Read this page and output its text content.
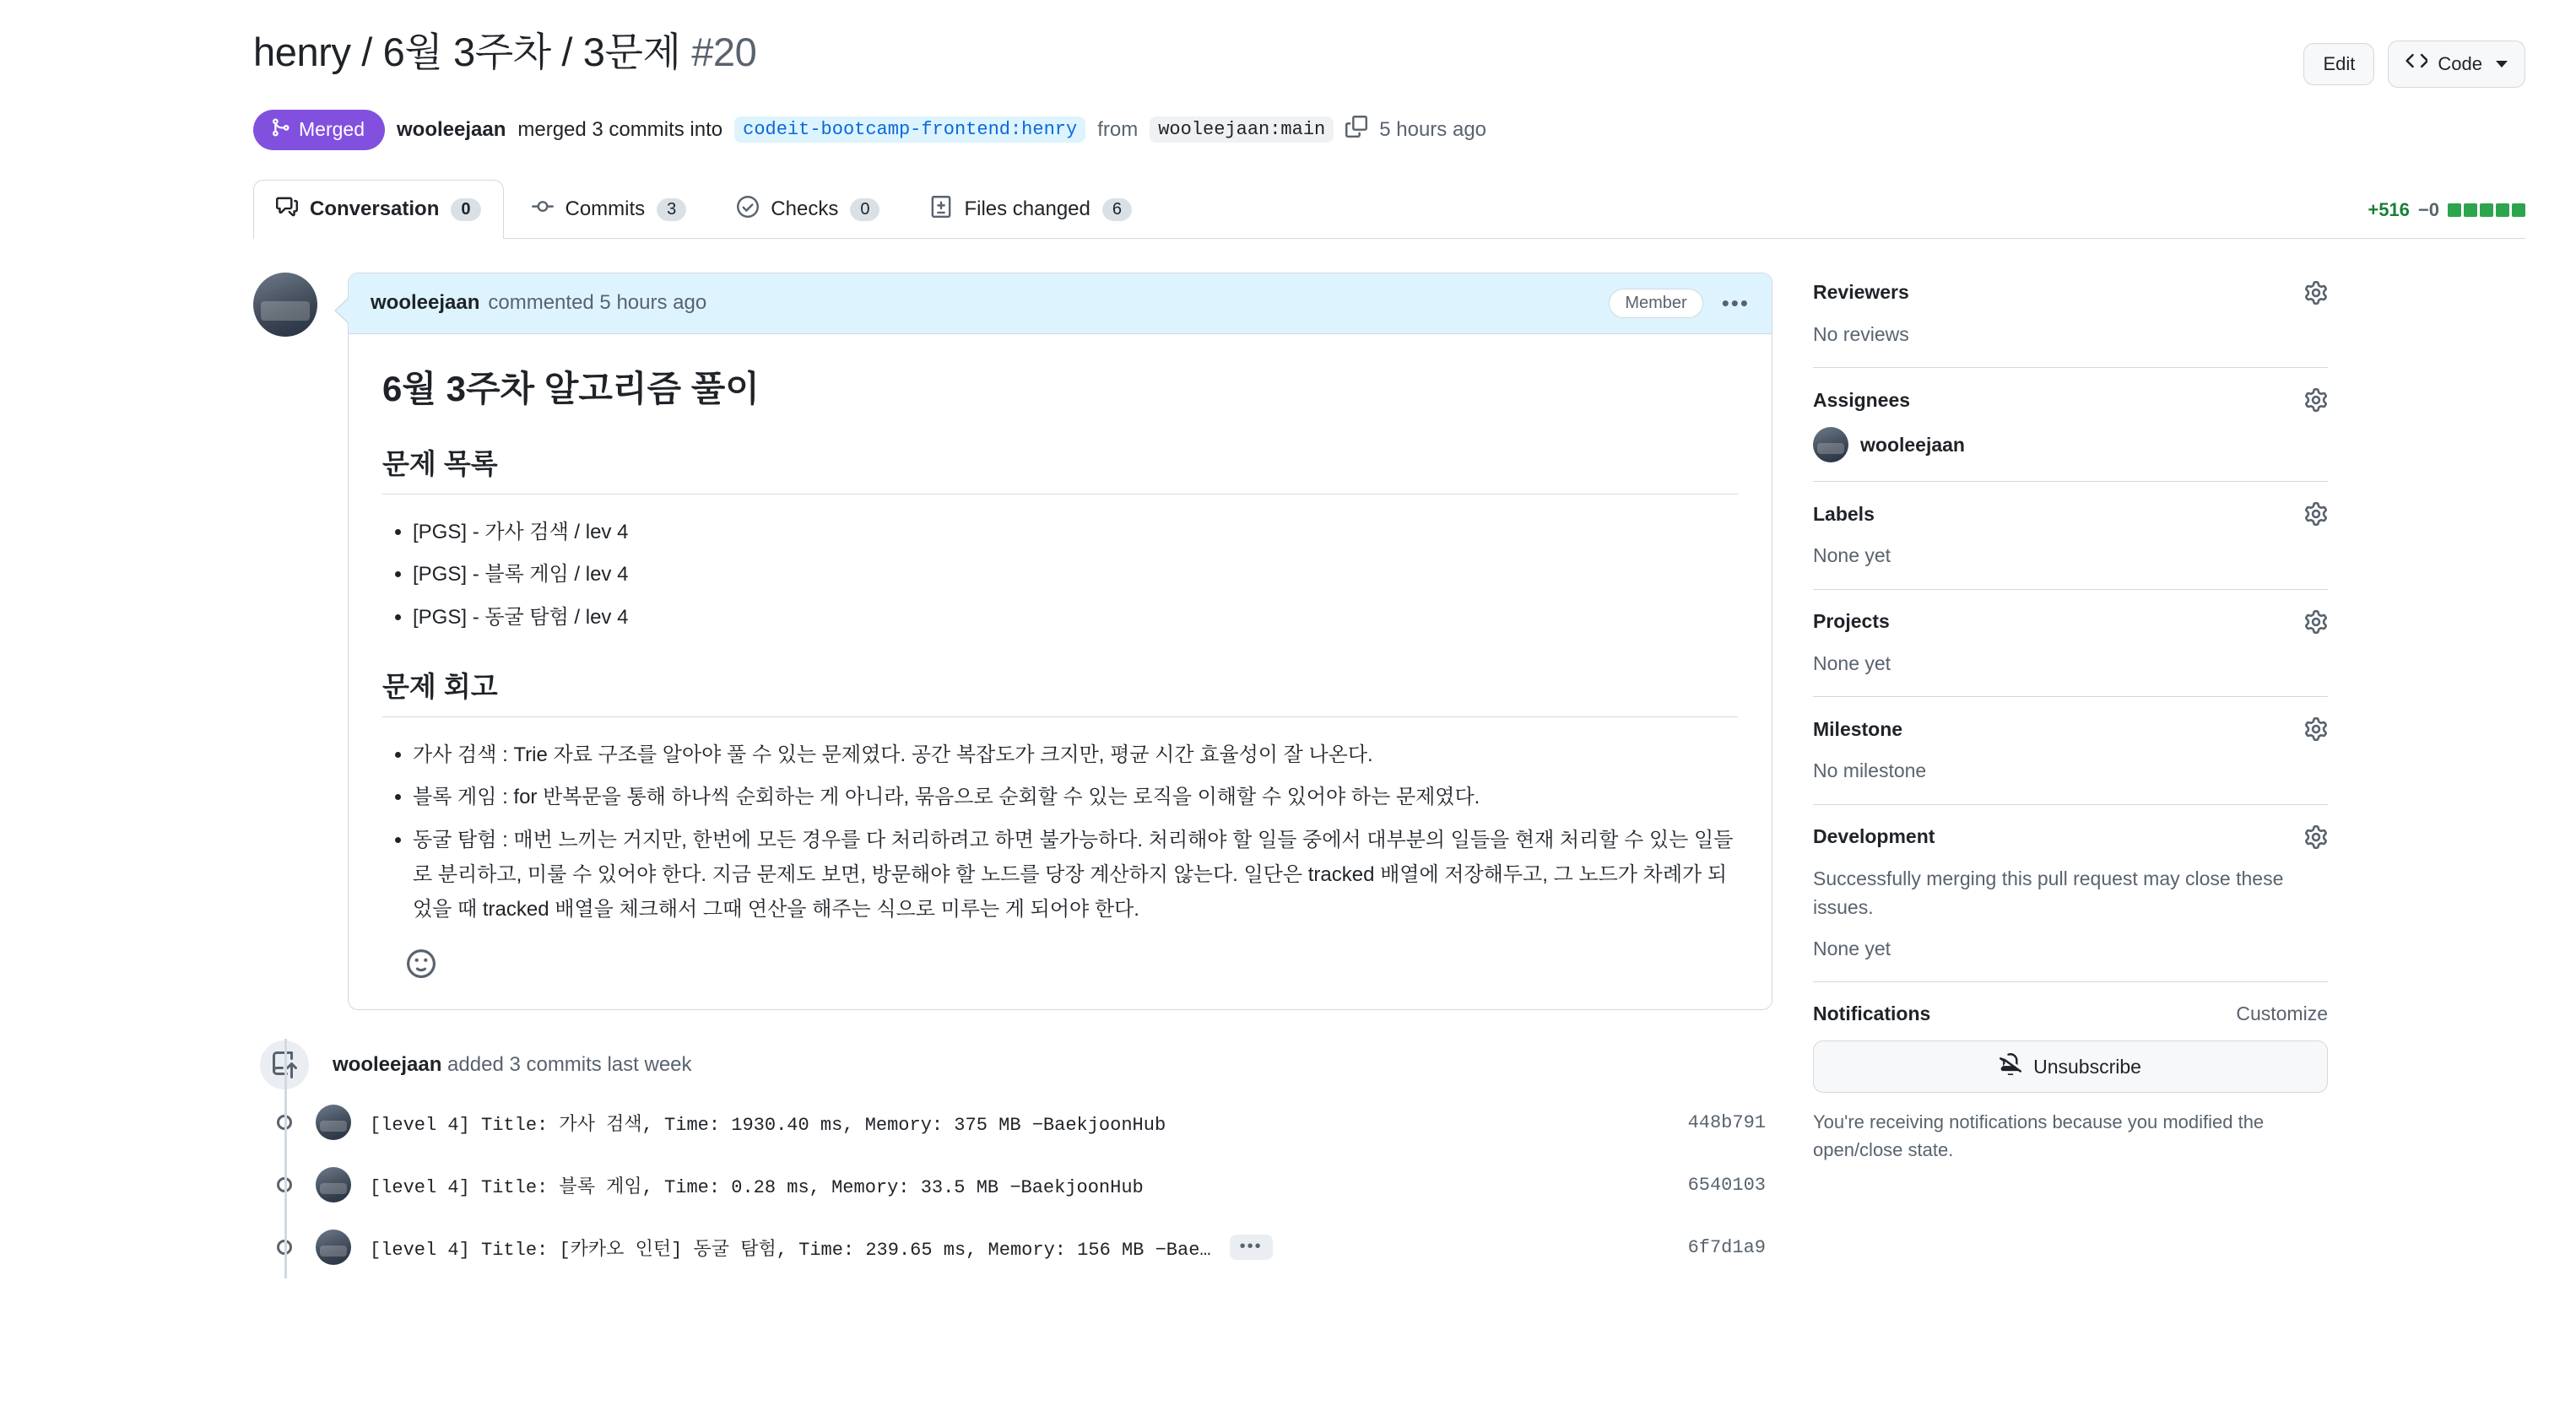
henry / 6월 3주차 / 3문제 #20	Edit	Code
Merged wooleejaan merged 3 commits into	codeit-bootcamp-frontend:henry	from	wooleejaan:main	5 hours ago
Conversation	0	Commits	3	Checks	0	Files changed	6	+516 −0
wooleejaan commented 5 hours ago	Member	•••
6월 3주차 알고리즘 풀이
문제 목록
• [PGS] - 가사 검색 / lev 4
• [PGS] - 블록 게임 / lev 4
• [PGS] - 동굴 탐험 / lev 4
문제 회고
• 가사 검색 : Trie 자료 구조를 알아야 풀 수 있는 문제였다. 공간 복잡도가 크지만, 평균 시간 효율성이 잘 나온다.
• 블록 게임 : for 반복문을 통해 하나씩 순회하는 게 아니라, 묶음으로 순회할 수 있는 로직을 이해할 수 있어야 하는 문제였다.
• 동굴 탐험 : 매번 느끼는 거지만, 한번에 모든 경우를 다 처리하려고 하면 불가능하다. 처리해야 할 일들 중에서 대부분의 일들을 현재 처리할 수 있는 일들로 분리하고, 미룰 수 있어야 한다. 지금 문제도 보면, 방문해야 할 노드를 당장 계산하지 않는다. 일단은 tracked 배열에 저장해두고, 그 노드가 차례가 되었을 때 tracked 배열을 체크해서 그때 연산을 해주는 식으로 미루는 게 되어야 한다.
wooleejaan added 3 commits last week
[level 4] Title: 가사 검색, Time: 1930.40 ms, Memory: 375 MB −BaekjoonHub	448b791
[level 4] Title: 블록 게임, Time: 0.28 ms, Memory: 33.5 MB −BaekjoonHub	6540103
[level 4] Title: [카카오 인턴] 동굴 탐험, Time: 239.65 ms, Memory: 156 MB −Bae…	•••	6f7d1a9
Reviewers
No reviews
Assignees
wooleejaan
Labels
None yet
Projects
None yet
Milestone
No milestone
Development
Successfully merging this pull request may close these issues.
None yet
Notifications	Customize
Unsubscribe
You're receiving notifications because you modified the open/close state.
